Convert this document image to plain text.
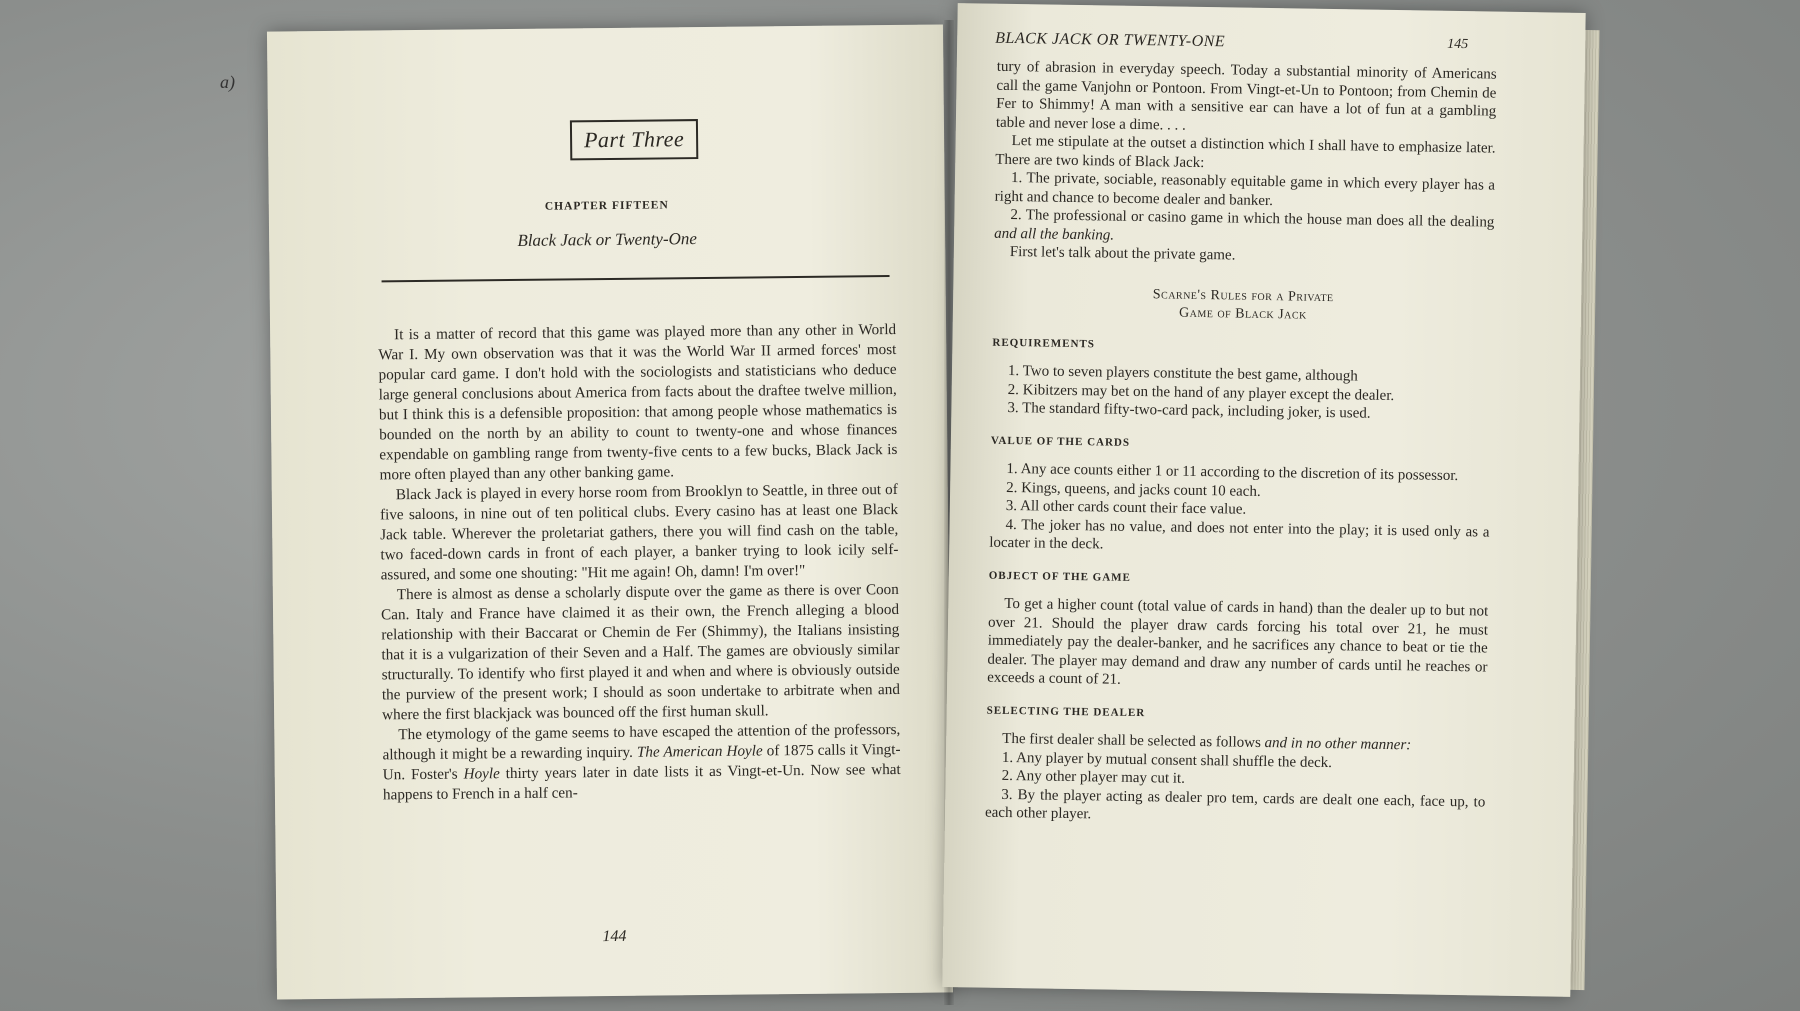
a)
Part Three
CHAPTER FIFTEEN
Black Jack or Twenty-One

It is a matter of record that this game was played more than any other in World War I. My own observation was that it was the World War II armed forces' most popular card game. I don't hold with the sociologists and statisticians who deduce large general conclusions about America from facts about the draftee twelve million, but I think this is a defensible proposition: that among people whose mathematics is bounded on the north by an ability to count to twenty-one and whose finances expendable on gambling range from twenty-five cents to a few bucks, Black Jack is more often played than any other banking game.

Black Jack is played in every horse room from Brooklyn to Seattle, in three out of five saloons, in nine out of ten political clubs. Every casino has at least one Black Jack table. Wherever the proletariat gathers, there you will find cash on the table, two faced-down cards in front of each player, a banker trying to look icily self-assured, and some one shouting: "Hit me again! Oh, damn! I'm over!"

There is almost as dense a scholarly dispute over the game as there is over Coon Can. Italy and France have claimed it as their own, the French alleging a blood relationship with their Baccarat or Chemin de Fer (Shimmy), the Italians insisting that it is a vulgarization of their Seven and a Half. The games are obviously similar structurally. To identify who first played it and when and where is obviously outside the purview of the present work; I should as soon undertake to arbitrate when and where the first blackjack was bounced off the first human skull.

The etymology of the game seems to have escaped the attention of the professors, although it might be a rewarding inquiry. The American Hoyle of 1875 calls it Vingt-Un. Foster's Hoyle thirty years later in date lists it as Vingt-et-Un. Now see what happens to French in a half cen-

144
BLACK JACK OR TWENTY-ONE	145

tury of abrasion in everyday speech. Today a substantial minority of Americans call the game Vanjohn or Pontoon. From Vingt-et-Un to Pontoon; from Chemin de Fer to Shimmy! A man with a sensitive ear can have a lot of fun at a gambling table and never lose a dime. . . .

Let me stipulate at the outset a distinction which I shall have to emphasize later. There are two kinds of Black Jack:

1. The private, sociable, reasonably equitable game in which every player has a right and chance to become dealer and banker.

2. The professional or casino game in which the house man does all the dealing and all the banking.

First let's talk about the private game.

Scarne's Rules for a Private
Game of Black Jack
REQUIREMENTS

1. Two to seven players constitute the best game, although

2. Kibitzers may bet on the hand of any player except the dealer.

3. The standard fifty-two-card pack, including joker, is used.

VALUE OF THE CARDS

1. Any ace counts either 1 or 11 according to the discretion of its possessor.

2. Kings, queens, and jacks count 10 each.

3. All other cards count their face value.

4. The joker has no value, and does not enter into the play; it is used only as a locater in the deck.

OBJECT OF THE GAME

To get a higher count (total value of cards in hand) than the dealer up to but not over 21. Should the player draw cards forcing his total over 21, he must immediately pay the dealer-banker, and he sacrifices any chance to beat or tie the dealer. The player may demand and draw any number of cards until he reaches or exceeds a count of 21.

SELECTING THE DEALER

The first dealer shall be selected as follows and in no other manner:

1. Any player by mutual consent shall shuffle the deck.

2. Any other player may cut it.

3. By the player acting as dealer pro tem, cards are dealt one each, face up, to each other player.
